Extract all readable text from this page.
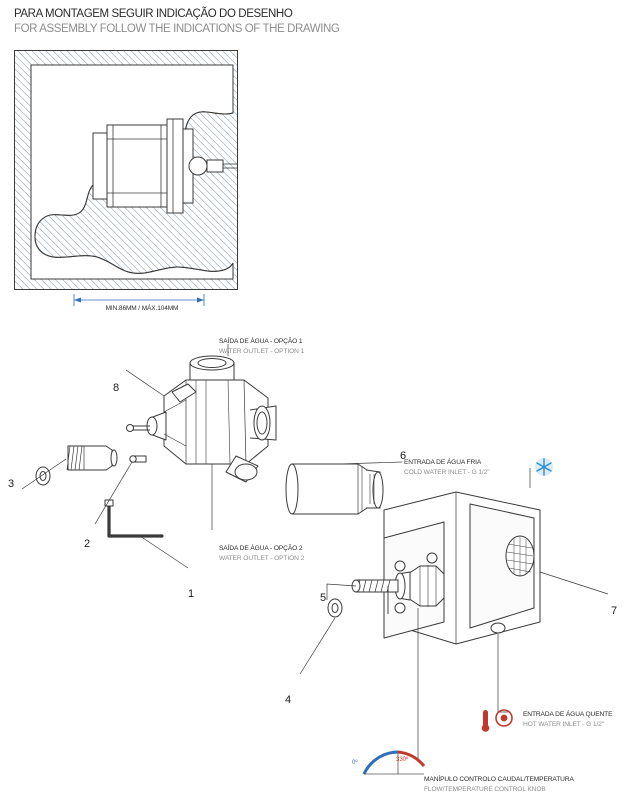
PARA MONTAGEM SEGUIR INDICAÇÃO DO DESENHO
FOR ASSEMBLY FOLLOW THE INDICATIONS OF THE DRAWING
MIN.86MM / MÁX.104MM
SAÍDA DE ÁGUA - OPÇÃO 1
WATER OUTLET - OPTION 1
SAÍDA DE ÁGUA - OPÇÃO 2
WATER OUTLET - OPTION 2
ENTRADA DE ÁGUA FRIA
COLD WATER INLET - G 1/2"
ENTRADA DE ÁGUA QUENTE
HOT WATER INLET - G 1/2"
MANÍPULO CONTROLO CAUDAL/TEMPERATURA
FLOW/TEMPERATURE CONTROL KNOB
0º	330º
8
3
2
1
6
7
5
4
